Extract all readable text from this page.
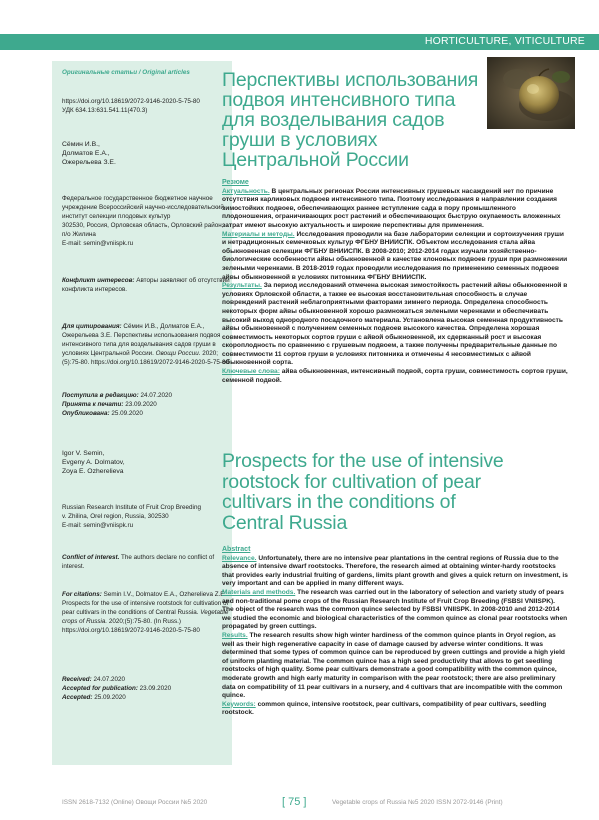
HORTICULTURE, VITICULTURE

Оригинальные статьи / Original articles

https://doi.org/10.18619/2072-9146-2020-5-75-80

УДК 634.13:631.541.11(470.3)

Сёмин И.В.,

Долматов Е.А.,

Ожерельева З.Е.

Федеральное государственное бюджетное научное учреждение Всероссийский научно-исследовательский институт селекции плодовых культур

302530, Россия, Орловская область, Орловский район, п/о Жилина

E-mail: semin@vniispk.ru

Конфликт интересов: Авторы заявляют об отсутствии конфликта интересов.

Для цитирования: Сёмин И.В., Долматов Е.А., Ожерельева З.Е. Перспективы использования подвоя интенсивного типа для возделывания садов груши в условиях Центральной России. Овощи России. 2020;(5):75-80. https://doi.org/10.18619/2072-9146-2020-5-75-80

Поступила в редакцию: 24.07.2020

Принята к печати: 23.09.2020

Опубликована: 25.09.2020

Igor V. Semin,

Evgeny A. Dolmatov,

Zoya E. Ozherelieva

Russian Research Institute of Fruit Crop Breeding

v. Zhilina, Orel region, Russia, 302530

E-mail: semin@vniispk.ru

Conflict of interest. The authors declare no conflict of interest.

For citations: Semin I.V., Dolmatov E.A., Ozherelieva Z.E. Prospects for the use of intensive rootstock for cultivation of pear cultivars in the conditions of Central Russia. Vegetable crops of Russia. 2020;(5):75-80. (In Russ.) https://doi.org/10.18619/2072-9146-2020-5-75-80

Received: 24.07.2020

Accepted for publication: 23.09.2020

Accepted: 25.09.2020

Перспективы использования подвоя интенсивного типа для возделывания садов груши в условиях Центральной России

Резюме

Актуальность. В центральных регионах России интенсивных грушевых насаждений нет по причине отсутствия карликовых подвоев интенсивного типа. Поэтому исследования в направлении создания зимостойких подвоев, обеспечивающих раннее вступление сада в пору промышленного плодоношения, ограничивающих рост растений и обеспечивающих быструю окупаемость вложенных затрат имеют высокую актуальность и широкие перспективы для применения.

Материалы и методы. Исследования проводили на базе лаборатории селекции и сортоизучения груши и нетрадиционных семечковых культур ФГБНУ ВНИИСПК. Объектом исследования стала айва обыкновенная селекции ФГБНУ ВНИИСПК. В 2008-2010; 2012-2014 годах изучали хозяйственно-биологические особенности айвы обыкновенной в качестве клоновых подвоев груши при размножении зелеными черенками. В 2018-2019 годах проводили исследования по применению семенных подвоев айвы обыкновенной в условиях питомника ФГБНУ ВНИИСПК.

Результаты. За период исследований отмечена высокая зимостойкость растений айвы обыкновенной в условиях Орловской области, а также ее высокая восстановительная способность в случае повреждений растений неблагоприятными факторами зимнего периода. Определена способность некоторых форм айвы обыкновенной хорошо размножаться зелеными черенками и обеспечивать высокий выход однородного посадочного материала. Установлена высокая семенная продуктивность айвы обыкновенной с получением семенных подвоев высокого качества. Определена хорошая совместимость некоторых сортов груши с айвой обыкновенной, их сдержанный рост и высокая скороплодность по сравнению с грушевым подвоем, а также получены предварительные данные по совместимости 11 сортов груши в условиях питомника и отмечены 4 несовместимых с айвой обыкновенной сорта.

Ключевые слова: айва обыкновенная, интенсивный подвой, сорта груши, совместимость сортов груши, семенной подвой.

Prospects for the use of intensive rootstock for cultivation of pear cultivars in the conditions of Central Russia

Abstract

Relevance. Unfortunately, there are no intensive pear plantations in the central regions of Russia due to the absence of intensive dwarf rootstocks. Therefore, the research aimed at obtaining winter-hardy rootstocks that provides early industrial fruiting of gardens, limits plant growth and gives a quick return on investment, is very important and can be applied in many different ways.

Materials and methods. The research was carried out in the laboratory of selection and variety study of pears and non-traditional pome crops of the Russian Research Institute of Fruit Crop Breeding (FSBSI VNIISPK). The object of the research was the common quince selected by FSBSI VNIISPK. In 2008-2010 and 2012-2014 we studied the economic and biological characteristics of the common quince as clonal pear rootstocks when propagated by green cuttings.

Results. The research results show high winter hardiness of the common quince plants in Oryol region, as well as their high regenerative capacity in case of damage caused by adverse winter conditions. It was determined that some types of common quince can be reproduced by green cuttings and provide a high yield of uniform planting material. The common quince has a high seed productivity that allows to get seedling rootstocks of high quality. Some pear cultivars demonstrate a good compatibility with the common quince, moderate growth and high early maturity in comparison with the pear rootstock; there are also preliminary data on compatibility of 11 pear cultivars in a nursery, and 4 cultivars that are incompatible with the common quince.

Keywords: common quince, intensive rootstock, pear cultivars, compatibility of pear cultivars, seedling rootstock.

ISSN 2618-7132 (Online) Овощи России №5 2020	[ 75 ]	Vegetable crops of Russia №5 2020 ISSN 2072-9146 (Print)
